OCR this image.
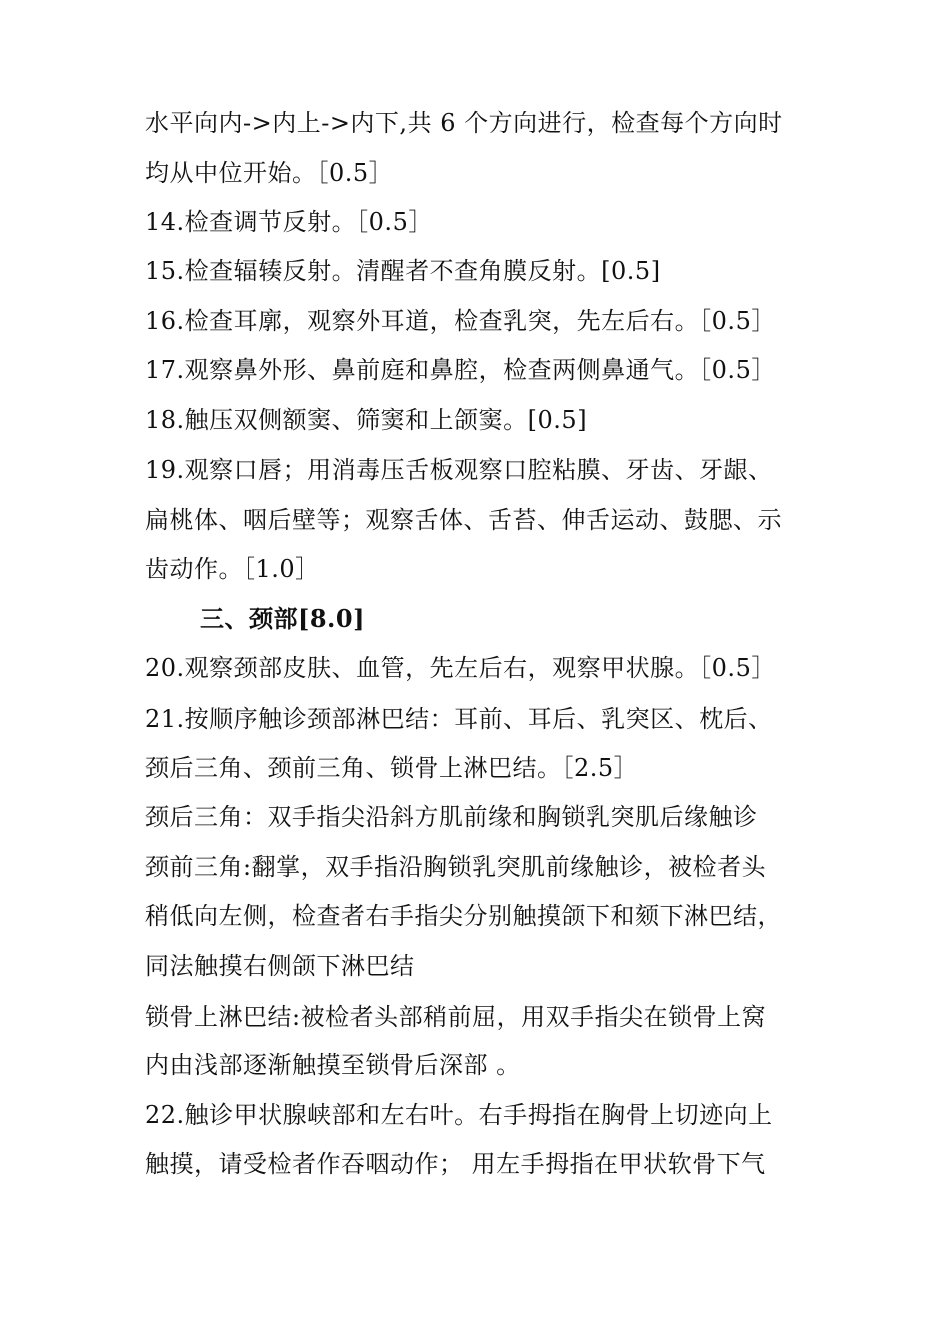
水平向内->内上->内下,共 6 个方向进行，检查每个方向时
均从中位开始。［0.5］
14.检查调节反射。［0.5］
15.检查辐辏反射。清醒者不查角膜反射。[0.5]
16.检查耳廓，观察外耳道，检查乳突，先左后右。［0.5］
17.观察鼻外形、鼻前庭和鼻腔，检查两侧鼻通气。［0.5］
18.触压双侧额窦、筛窦和上颌窦。[0.5]
19.观察口唇；用消毒压舌板观察口腔粘膜、牙齿、牙龈、
扁桃体、咽后壁等；观察舌体、舌苔、伸舌运动、鼓腮、示
齿动作。［1.0］
三、颈部[8.0]
20.观察颈部皮肤、血管，先左后右，观察甲状腺。［0.5］
21.按顺序触诊颈部淋巴结：耳前、耳后、乳突区、枕后、
颈后三角、颈前三角、锁骨上淋巴结。［2.5］
颈后三角：双手指尖沿斜方肌前缘和胸锁乳突肌后缘触诊
颈前三角:翻掌，双手指沿胸锁乳突肌前缘触诊，被检者头
稍低向左侧，检查者右手指尖分别触摸颌下和颏下淋巴结，
同法触摸右侧颌下淋巴结
锁骨上淋巴结:被检者头部稍前屈，用双手指尖在锁骨上窝
内由浅部逐渐触摸至锁骨后深部 。
22.触诊甲状腺峡部和左右叶。右手拇指在胸骨上切迹向上
触摸，请受检者作吞咽动作； 用左手拇指在甲状软骨下气
